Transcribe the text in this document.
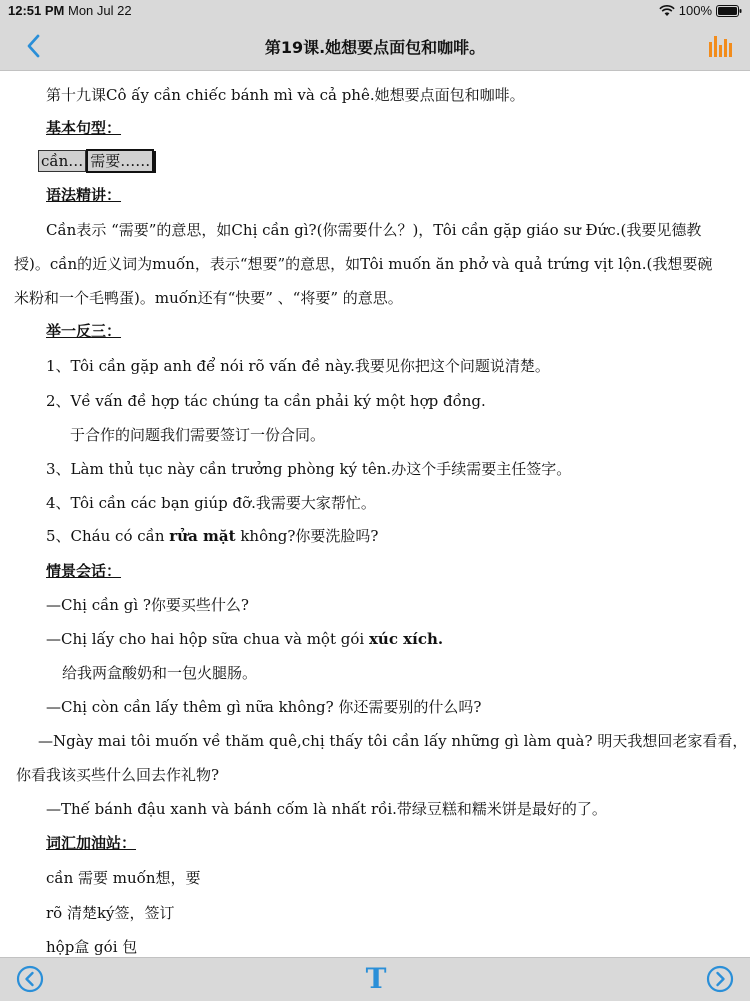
12:51 PM Mon Jul 22	100%
第19课.她想要点面包和咖啡。
第十九课Cô ấy cần chiếc bánh mì và cả phê.她想要点面包和咖啡。
基本句型：
cần… 需要……
语法精讲：
Cần表示 “需要”的意思，如Chị cần gì?(你需要什么？)，Tôi cần gặp giáo sư Đức.(我要见德教
授)。cần的近义词为muốn，表示“想要”的意思，如Tôi muốn ăn phở và quả trứng vịt lộn.(我想要碗
米粉和一个毛鸭蛋)。muốn还有“快要” 、“将要” 的意思。
举一反三：
1、Tôi cần gặp anh để nói rõ vấn đề này.我要见你把这个问题说清楚。
2、Về vấn đề hợp tác chúng ta cần phải ký một hợp đồng.
于合作的问题我们需要签订一份合同。
3、Làm thủ tục này cần trưởng phòng ký tên.办这个手续需要主任签字。
4、Tôi cần các bạn giúp đỡ.我需要大家帮忙。
5、Cháu có cần rửa mặt không?你要洗脸吗?
情景会话：
—Chị cần gì ?你要买些什么?
—Chị lấy cho hai hộp sữa chua và một gói xúc xích.
给我两盒酸奶和一包火腿肠。
—Chị còn cần lấy thêm gì nữa không? 你还需要别的什么吗?
—Ngày mai tôi muốn về thăm quê,chị thấy tôi cần lấy những gì làm quà? 明天我想回老家看看，
你看我该买些什么回去作礼物?
—Thế bánh đậu xanh và bánh cốm là nhất rồi.带绿豆糕和糯米饼是最好的了。
词汇加油站：
cần 需要 muốn想，要
rõ 清楚ký签，签订
hộp盒 gói 包
T
